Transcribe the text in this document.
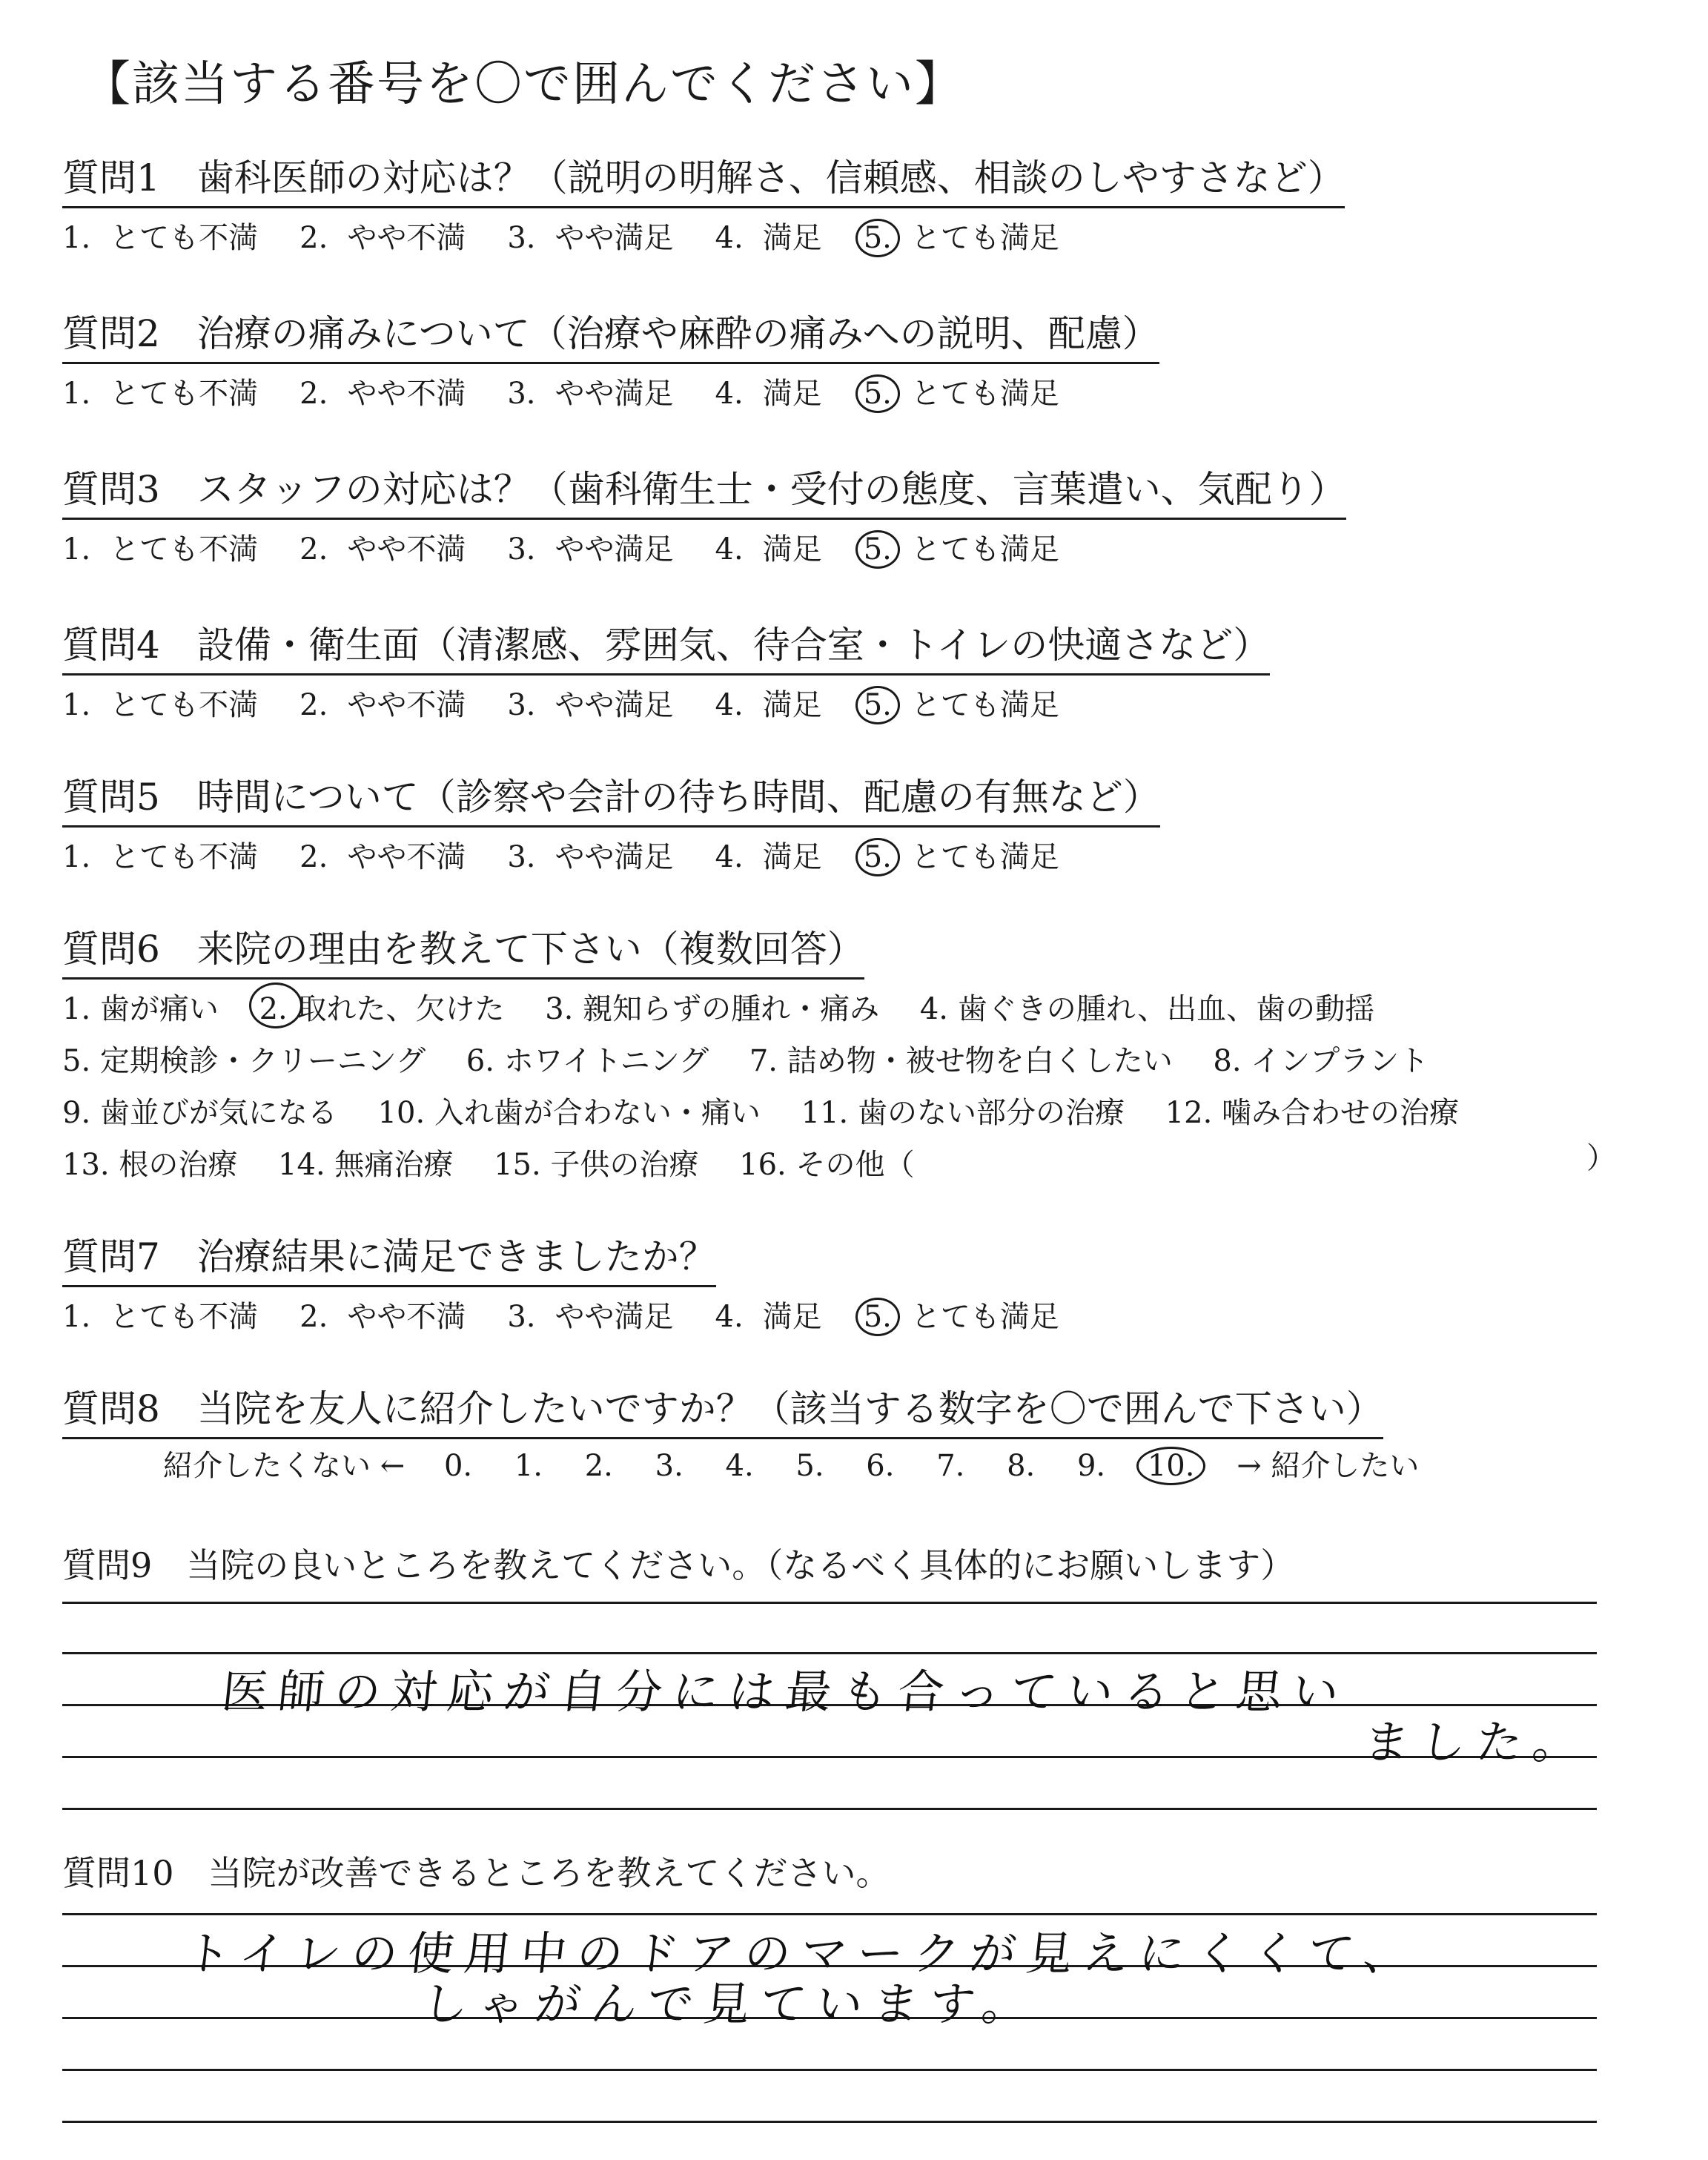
【該当する番号を〇で囲んでください】
質問1　歯科医師の対応は？（説明の明解さ、信頼感、相談のしやすさなど）
1. とても不満 2. やや不満 3. やや満足 4. 満足 5. とても満足
質問2　治療の痛みについて（治療や麻酔の痛みへの説明、配慮）
1. とても不満 2. やや不満 3. やや満足 4. 満足 5. とても満足
質問3　スタッフの対応は？（歯科衛生士・受付の態度、言葉遣い、気配り）
1. とても不満 2. やや不満 3. やや満足 4. 満足 5. とても満足
質問4　設備・衛生面（清潔感、雰囲気、待合室・トイレの快適さなど）
1. とても不満 2. やや不満 3. やや満足 4. 満足 5. とても満足
質問5　時間について（診察や会計の待ち時間、配慮の有無など）
1. とても不満 2. やや不満 3. やや満足 4. 満足 5. とても満足
質問6　来院の理由を教えて下さい（複数回答）
1. 歯が痛い 2. 取れた、欠けた 3. 親知らずの腫れ・痛み 4. 歯ぐきの腫れ、出血、歯の動揺
5. 定期検診・クリーニング 6. ホワイトニング 7. 詰め物・被せ物を白くしたい 8. インプラント
9. 歯並びが気になる 10. 入れ歯が合わない・痛い 11. 歯のない部分の治療 12. 噛み合わせの治療
13. 根の治療 14. 無痛治療 15. 子供の治療 16. その他（	）
質問7　治療結果に満足できましたか？
1. とても不満 2. やや不満 3. やや満足 4. 満足 5. とても満足
質問8　当院を友人に紹介したいですか？（該当する数字を〇で囲んで下さい）
紹介したくない ← 0. 1. 2. 3. 4. 5. 6. 7. 8. 9. 10. → 紹介したい
質問9　当院の良いところを教えてください。（なるべく具体的にお願いします）
医師の対応が自分には最も合っていると思い
ました。
質問10　当院が改善できるところを教えてください。
トイレの使用中のドアのマークが見えにくくて、
しゃがんで見ています。
